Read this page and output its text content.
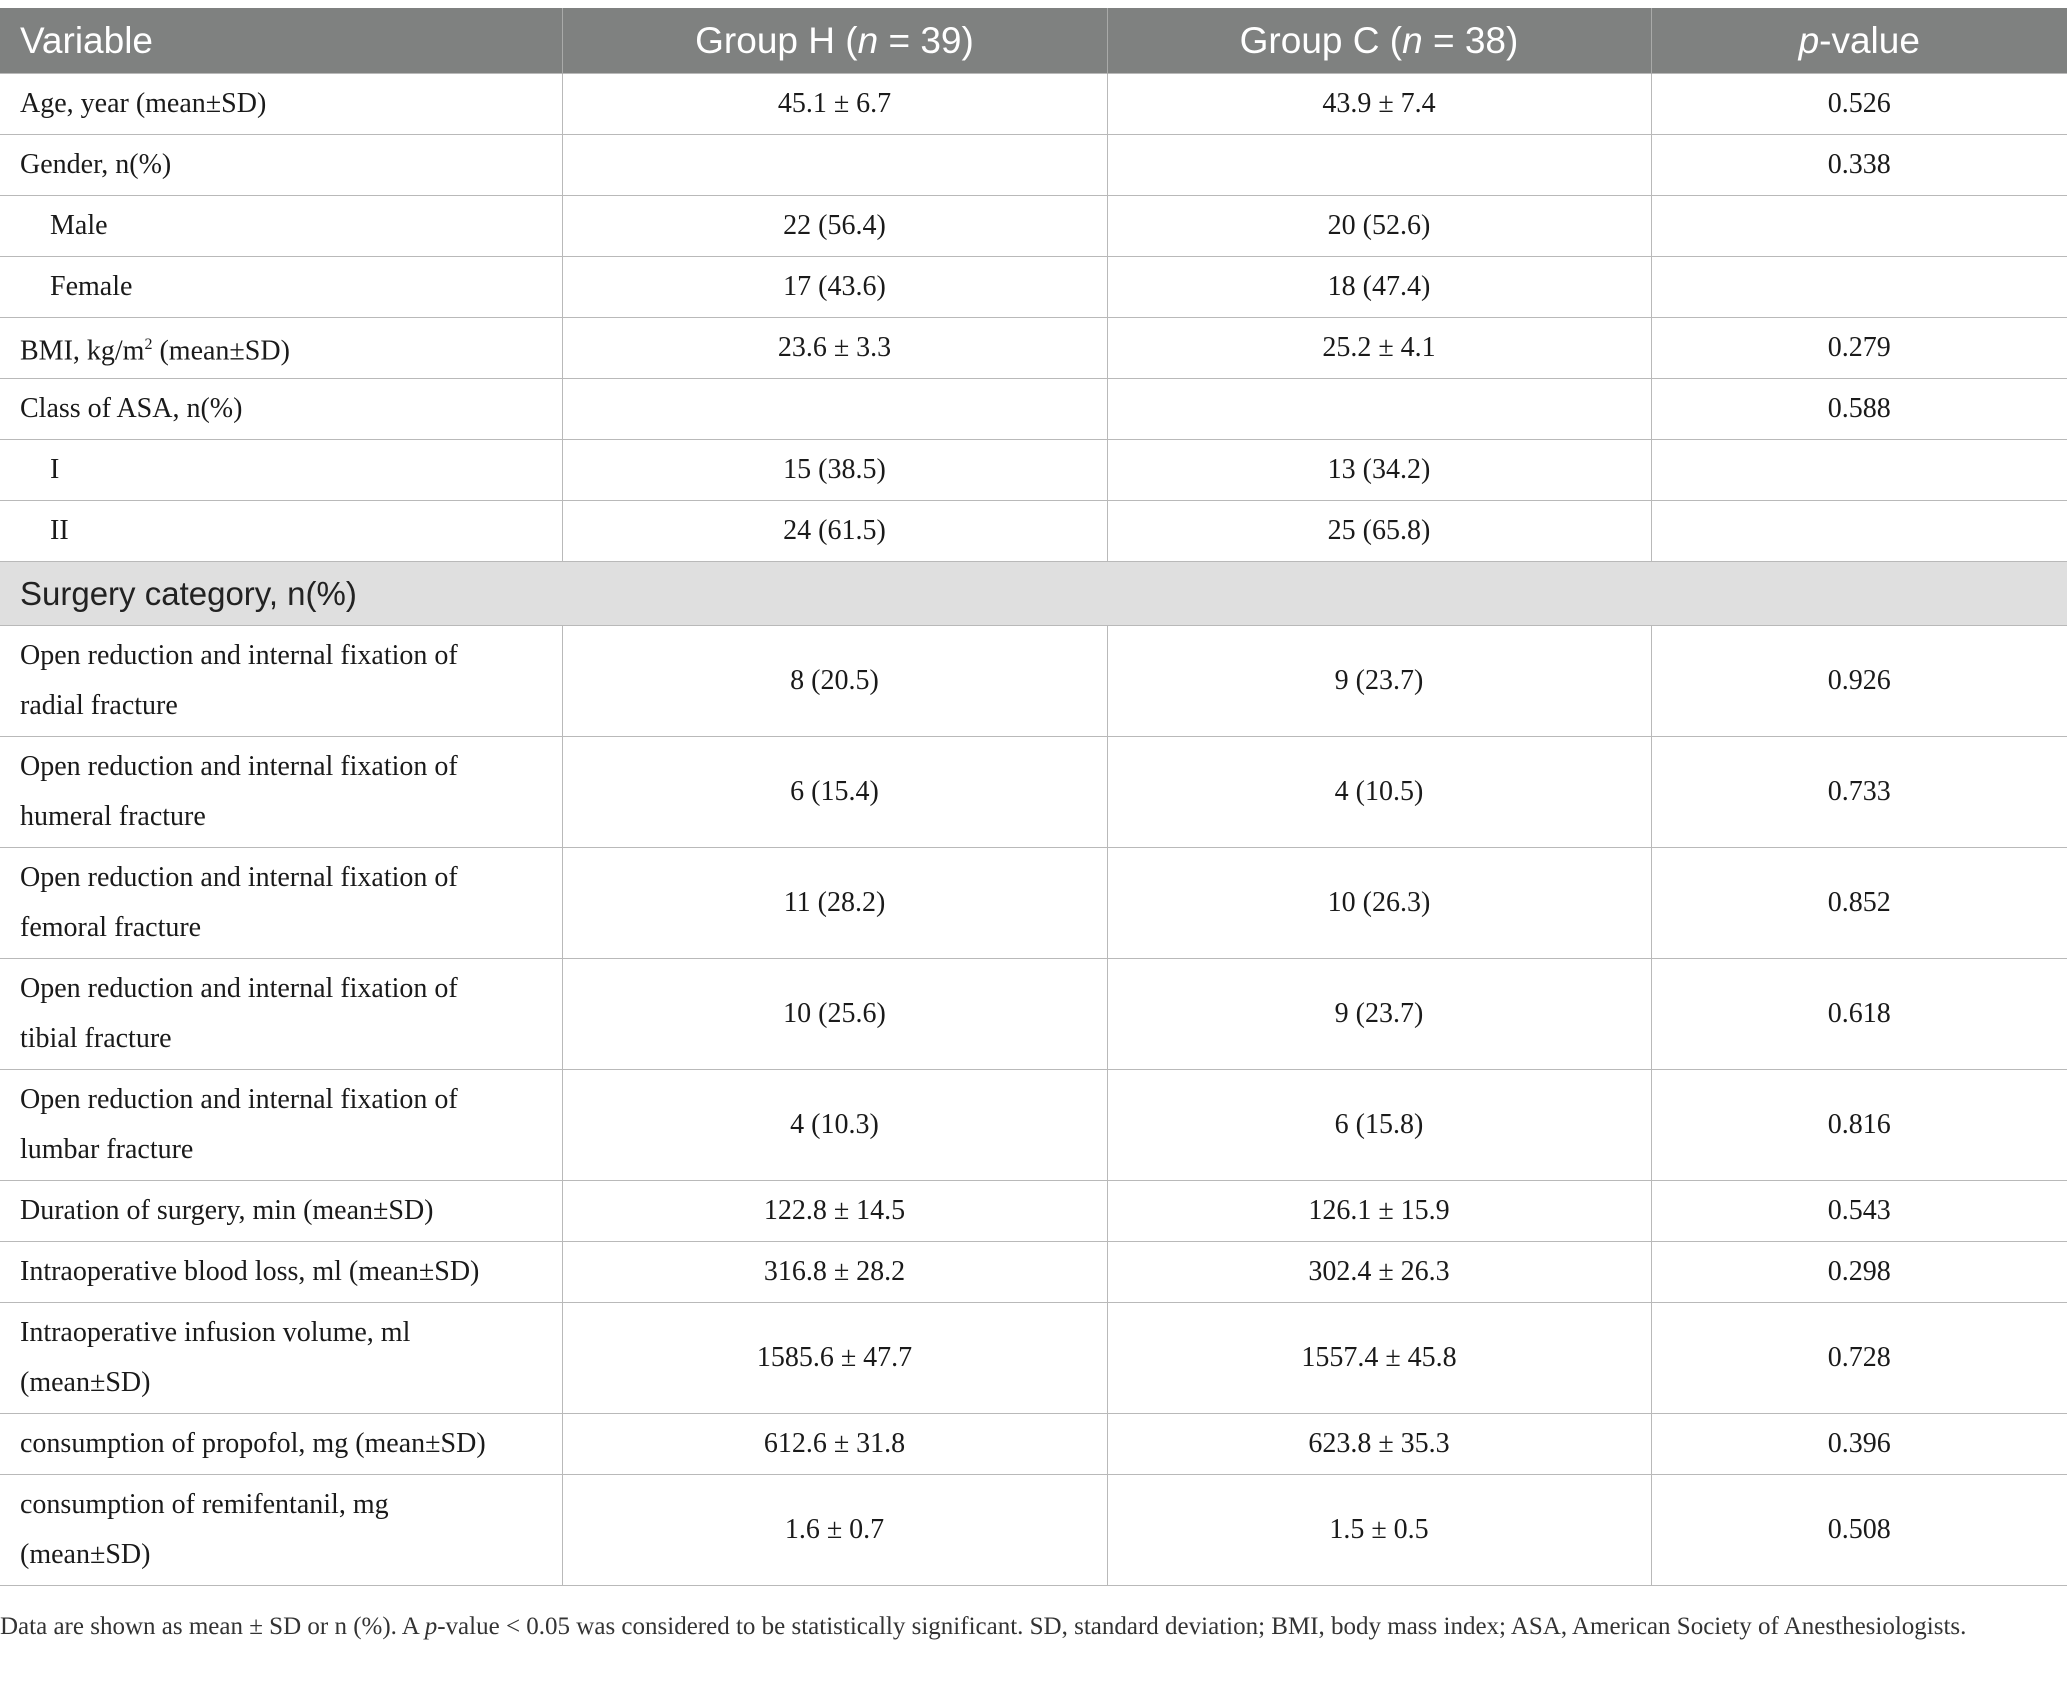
Variable	Group H (n = 39)	Group C (n = 38)	p-value
Age, year (mean±SD)	45.1 ± 6.7	43.9 ± 7.4	0.526
Gender, n(%)			0.338
Male	22 (56.4)	20 (52.6)	
Female	17 (43.6)	18 (47.4)	
BMI, $kg/m^2$ (mean±SD)	23.6 ± 3.3	25.2 ± 4.1	0.279
Class of ASA, n(%)			0.588
I	15 (38.5)	13 (34.2)	
II	24 (61.5)	25 (65.8)	
Surgery category, n(%)			
Open reduction and internal fixation of
radial fracture	8 (20.5)	9 (23.7)	0.926
Open reduction and internal fixation of
humeral fracture	6 (15.4)	4 (10.5)	0.733
Open reduction and internal fixation of
femoral fracture	11 (28.2)	10 (26.3)	0.852
Open reduction and internal fixation of
tibial fracture	10 (25.6)	9 (23.7)	0.618
Open reduction and internal fixation of
lumbar fracture	4 (10.3)	6 (15.8)	0.816
Duration of surgery, min (mean±SD)	122.8 ± 14.5	126.1 ± 15.9	0.543
Intraoperative blood loss, ml (mean±SD)	316.8 ± 28.2	302.4 ± 26.3	0.298
Intraoperative infusion volume, ml
(mean±SD)	1585.6 ± 47.7	1557.4 ± 45.8	0.728
consumption of propofol, mg (mean±SD)	612.6 ± 31.8	623.8 ± 35.3	0.396
consumption of remifentanil, mg
(mean±SD)	1.6 ± 0.7	1.5 ± 0.5	0.508
Data are shown as mean ± SD or n (%). A p-value < 0.05 was considered to be statistically significant. SD, standard deviation; BMI, body mass index; ASA, American Society of Anesthesiologists.
